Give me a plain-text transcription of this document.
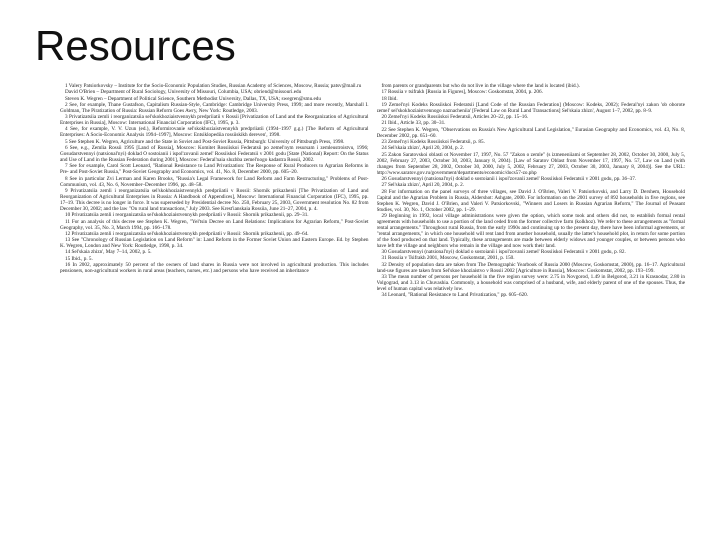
Resources

1 Valery Patsiorkovsky – Institute for the Socio-Economic Population Studies, Russian Academy of Sciences, Moscow, Russia; patsv@mail.ru

David O'Brien – Department of Rural Sociology, University of Missouri, Columbia, USA; obriend@missouri.edu

Steven K. Wegren – Department of Political Science, Southern Methodist University, Dallas, TX, USA; swegren@smu.edu

2 See, for example, Thane Gustafson, Capitalism Russian-Style, Cambridge: Cambridge University Press, 1999; and more recently, Marshall I. Goldman, The Piratization of Russia: Russian Reform Goes Awry, New York: Routledge, 2003.

3 Privatizatsiia zemli i reorganizatsiia sel'skokhoziaistvennykh predpriiatii v Rossii [Privatization of Land and the Reorganization of Agricultural Enterprises in Russia], Moscow: International Financial Corporation (IFC), 1995, p. 3.

4 See, for example, V. V. Uzun (ed.), Reformirovanie sel'skokhoziaistvennykh predpriiatii (1994–1997 g.g.) [The Reform of Agricultural Enterprises: A Socio-Economic Analysis 1994–1997], Moscow: Entsiklopediia rossiiskikh dereven', 1998.

5 See Stephen K. Wegren, Agriculture and the State in Soviet and Post-Soviet Russia, Pittsburgh: University of Pittsburgh Press, 1998.

6 See, e.g., Zemlia Rossii 1995 [Land of Russia], Moscow: Komitet Rossiiskoi Federatsii po zemel'nym resursam i zemleustroistvu, 1996; Gosudarstvennyi (natsional'nyi) doklad O sostoianii i ispol'zovanii zemel' Rossiiskoi Federatsii v 2001 godu [State (National) Report: On the Status and Use of Land in the Russian Federation during 2001], Moscow: Federal'naia sluzhba zemel'nogo kadastra Rossii, 2002.

7 See for example, Carol Scott Leonard, "Rational Resistance to Land Privatization: The Response of Rural Producers to Agrarian Reforms in Pre- and Post-Soviet Russia," Post-Soviet Geography and Economics, vol. 41, No. 8, December 2000, pp. 605–20.

8 See in particular Zvi Lerman and Karen Brooks, "Russia's Legal Framework for Land Reform and Farm Restructuring," Problems of Post-Communism, vol. 43, No. 6, November–December 1996, pp. 48–58.

9 Privatizatsiia zemli i reorganizatsiia sel'skokhoziaistvennykh predpriiatii v Rossii: Shornik prikazhenii [The Privatization of Land and Reorganization of Agricultural Enterprises in Russia: A Handbook of Appendices], Moscow: International Financial Corporation (IFC), 1995, pp. 17–19. This decree is no longer in force. It was superseded by Presidential decree No. 250, February 25, 2003, Government resolution No. 82 from December 30, 2002; and the law "On rural land transactions," July 2003. See Krest'ianskaia Rossiia, June 21–27, 2004, p. 4.

10 Privatizatsiia zemli i reorganizatsiia sel'skokhoziaistvennykh predpriiatii v Rossii: Shornik prikazhenii, pp. 29–31.

11 For an analysis of this decree see Stephen K. Wegren, "Yel'tsin Decree on Land Relations: Implications for Agrarian Reform," Post-Soviet Geography, vol. 35, No. 3, March 1994, pp. 166–178.

12 Privatizatsiia zemli i reorganizatsiia sel'skokhoziaistvennykh predpriiatii v Rossii: Shornik prikazhenii, pp. 49–64.

13 See "Chronology of Russian Legislation on Land Reform" in: Land Reform in the Former Soviet Union and Eastern Europe. Ed. by Stephen K. Wegren, London and New York: Routledge, 1998, p. 34.

14 Sel'skaia zhizn', May 7–14, 2002, p. 5.

15 Ibid., p. 5.

16 In 2002, approximately 50 percent of the owners of land shares in Russia were not involved in agricultural production. This includes pensioners, non-agricultural workers in rural areas (teachers, nurses, etc.) and persons who have received an inheritance

from parents or grandparents but who do not live in the village where the land is located (ibid.).

17 Rossiia v tsifrakh [Russia in Figures], Moscow: Goskomstat, 2004, p. 206.

18 Ibid.

19 Zemel'nyi Kodeks Rossiiskoi Federatsii [Land Code of the Russian Federation] (Moscow: Kodeks, 2002); Federal'nyi zakon 'ob oborote zemel' sel'skokhoziaistvennogo naznacheniia' [Federal Law on Rural Land Transactions] Sel'skaia zhizn', August 1–7, 2002, pp. 8–9.

20 Zemel'nyi Kodeks Rossiiskoi Federatsii, Articles 20–22, pp. 15–16.

21 Ibid., Article 33, pp. 30–31.

22 See Stephen K. Wegren, "Observations on Russia's New Agricultural Land Legislation," Eurasian Geography and Economics, vol. 43, No. 8, December 2002, pp. 651–60.

23 Zemel'nyi Kodeks Rossiiskoi Federatsii, p. 85.

24 Sel'skaia zhizn', April 20, 2004, p. 2.

25 Zakon Saratovskoi oblasti ot November 17, 1997, No. 57 "Zakon o zemle" (s izmeneniiami ot September 28, 2002, October 30, 2000, July 5, 2002, February 27, 2003, October 30, 2003, January 8, 2004). [Law of Saratov Oblast from November 17, 1997, No. 57, Law on Land (with changes from September 28, 2002, October 30, 2000, July 5, 2002, February 27, 2003, October 30, 2003, January 8, 2004)]. See the URL: http://www.saratov.gov.ru/government/departments/economic/docs57-zo.php

26 Gosudarstvennyi (natsional'nyi) doklad o sostoianii i ispol'zovanii zemel' Rossiiskoi Federatsii v 2001 godu, pp. 36–37.

27 Sel'skaia zhizn', April 20, 2004, p. 2.

28 For information on the panel surveys of three villages, see David J. O'Brien, Valeri V. Patsiorkovski, and Larry D. Dershem, Household Capital and the Agrarian Problem in Russia, Aldershot: Ashgate, 2000. For information on the 2001 survey of 892 households in five regions, see Stephen K. Wegren, David J. O'Brien, and Valeri V. Patsiorkovski, "Winners and Losers in Russian Agrarian Reform," The Journal of Peasant Studies, vol. 30, No. 1, October 2002, pp. 1–29.

29 Beginning in 1992, local village administrations were given the option, which some took and others did not, to establish formal rental agreements with households to use a portion of the land ceded from the former collective farm (kolkhoz). We refer to these arrangements as "formal rental arrangements." Throughout rural Russia, from the early 1990s and continuing up to the present day, there have been informal agreements, or "rental arrangements," in which one household will rent land from another household, usually the latter's household plot, in return for some portion of the food produced on that land. Typically, these arrangements are made between elderly widows and younger couples, or between persons who have left the village and neighbors who remain in the village and now work their land.

30 Gosudarstvennyi (natsional'nyi) doklad o sostoianii i ispol'zovanii zemel' Rossiiskoi Federatsii v 2001 godu, p. 82.

31 Rossiia v Tsifrakh 2001, Moscow, Goskomstat, 2001, p. 150.

32 Density of population data are taken from The Demographic Yearbook of Russia 2000 (Moscow, Goskomstat, 2000), pp. 16–17. Agricultural land-use figures are taken from Sel'skoe khoziaistvo v Rossii 2002 [Agriculture in Russia], Moscow: Goskomstat, 2002, pp. 193–199.

33 The mean number of persons per household in the five region survey were: 2.75 in Novgorod, 1.49 in Belgorod, 3.21 in Krasnodar, 2.80 in Volgograd, and 3.13 in Chuvashia. Commonly, a household was comprised of a husband, wife, and elderly parent of one of the spouses. Thus, the level of human capital was relatively low.

34 Leonard, "Rational Resistance to Land Privatization," pp. 605–620.
